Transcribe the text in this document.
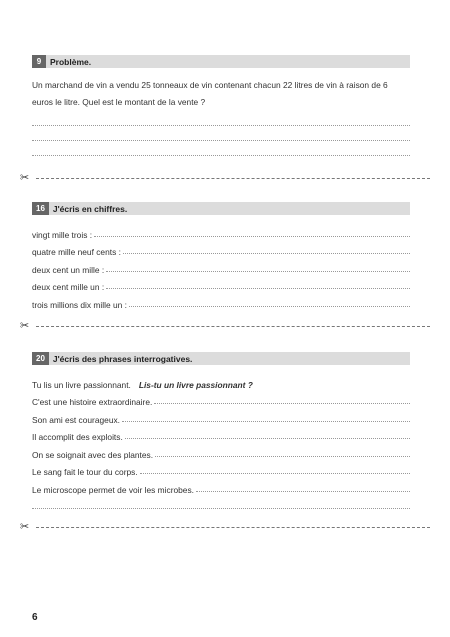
9	Problème.
Un marchand de vin a vendu 25 tonneaux de vin contenant chacun 22 litres de vin à raison de 6 euros le litre. Quel est le montant de la vente ?
✂
16 J'écris en chiffres.
vingt mille trois :
quatre mille neuf cents :
deux cent un mille :
deux cent mille un :
trois millions dix mille un :
✂
20 J'écris des phrases interrogatives.
Tu lis un livre passionnant. Lis-tu un livre passionnant ?
C'est une histoire extraordinaire.
Son ami est courageux.
Il accomplit des exploits.
On se soignait avec des plantes.
Le sang fait le tour du corps.
Le microscope permet de voir les microbes.
✂
6
